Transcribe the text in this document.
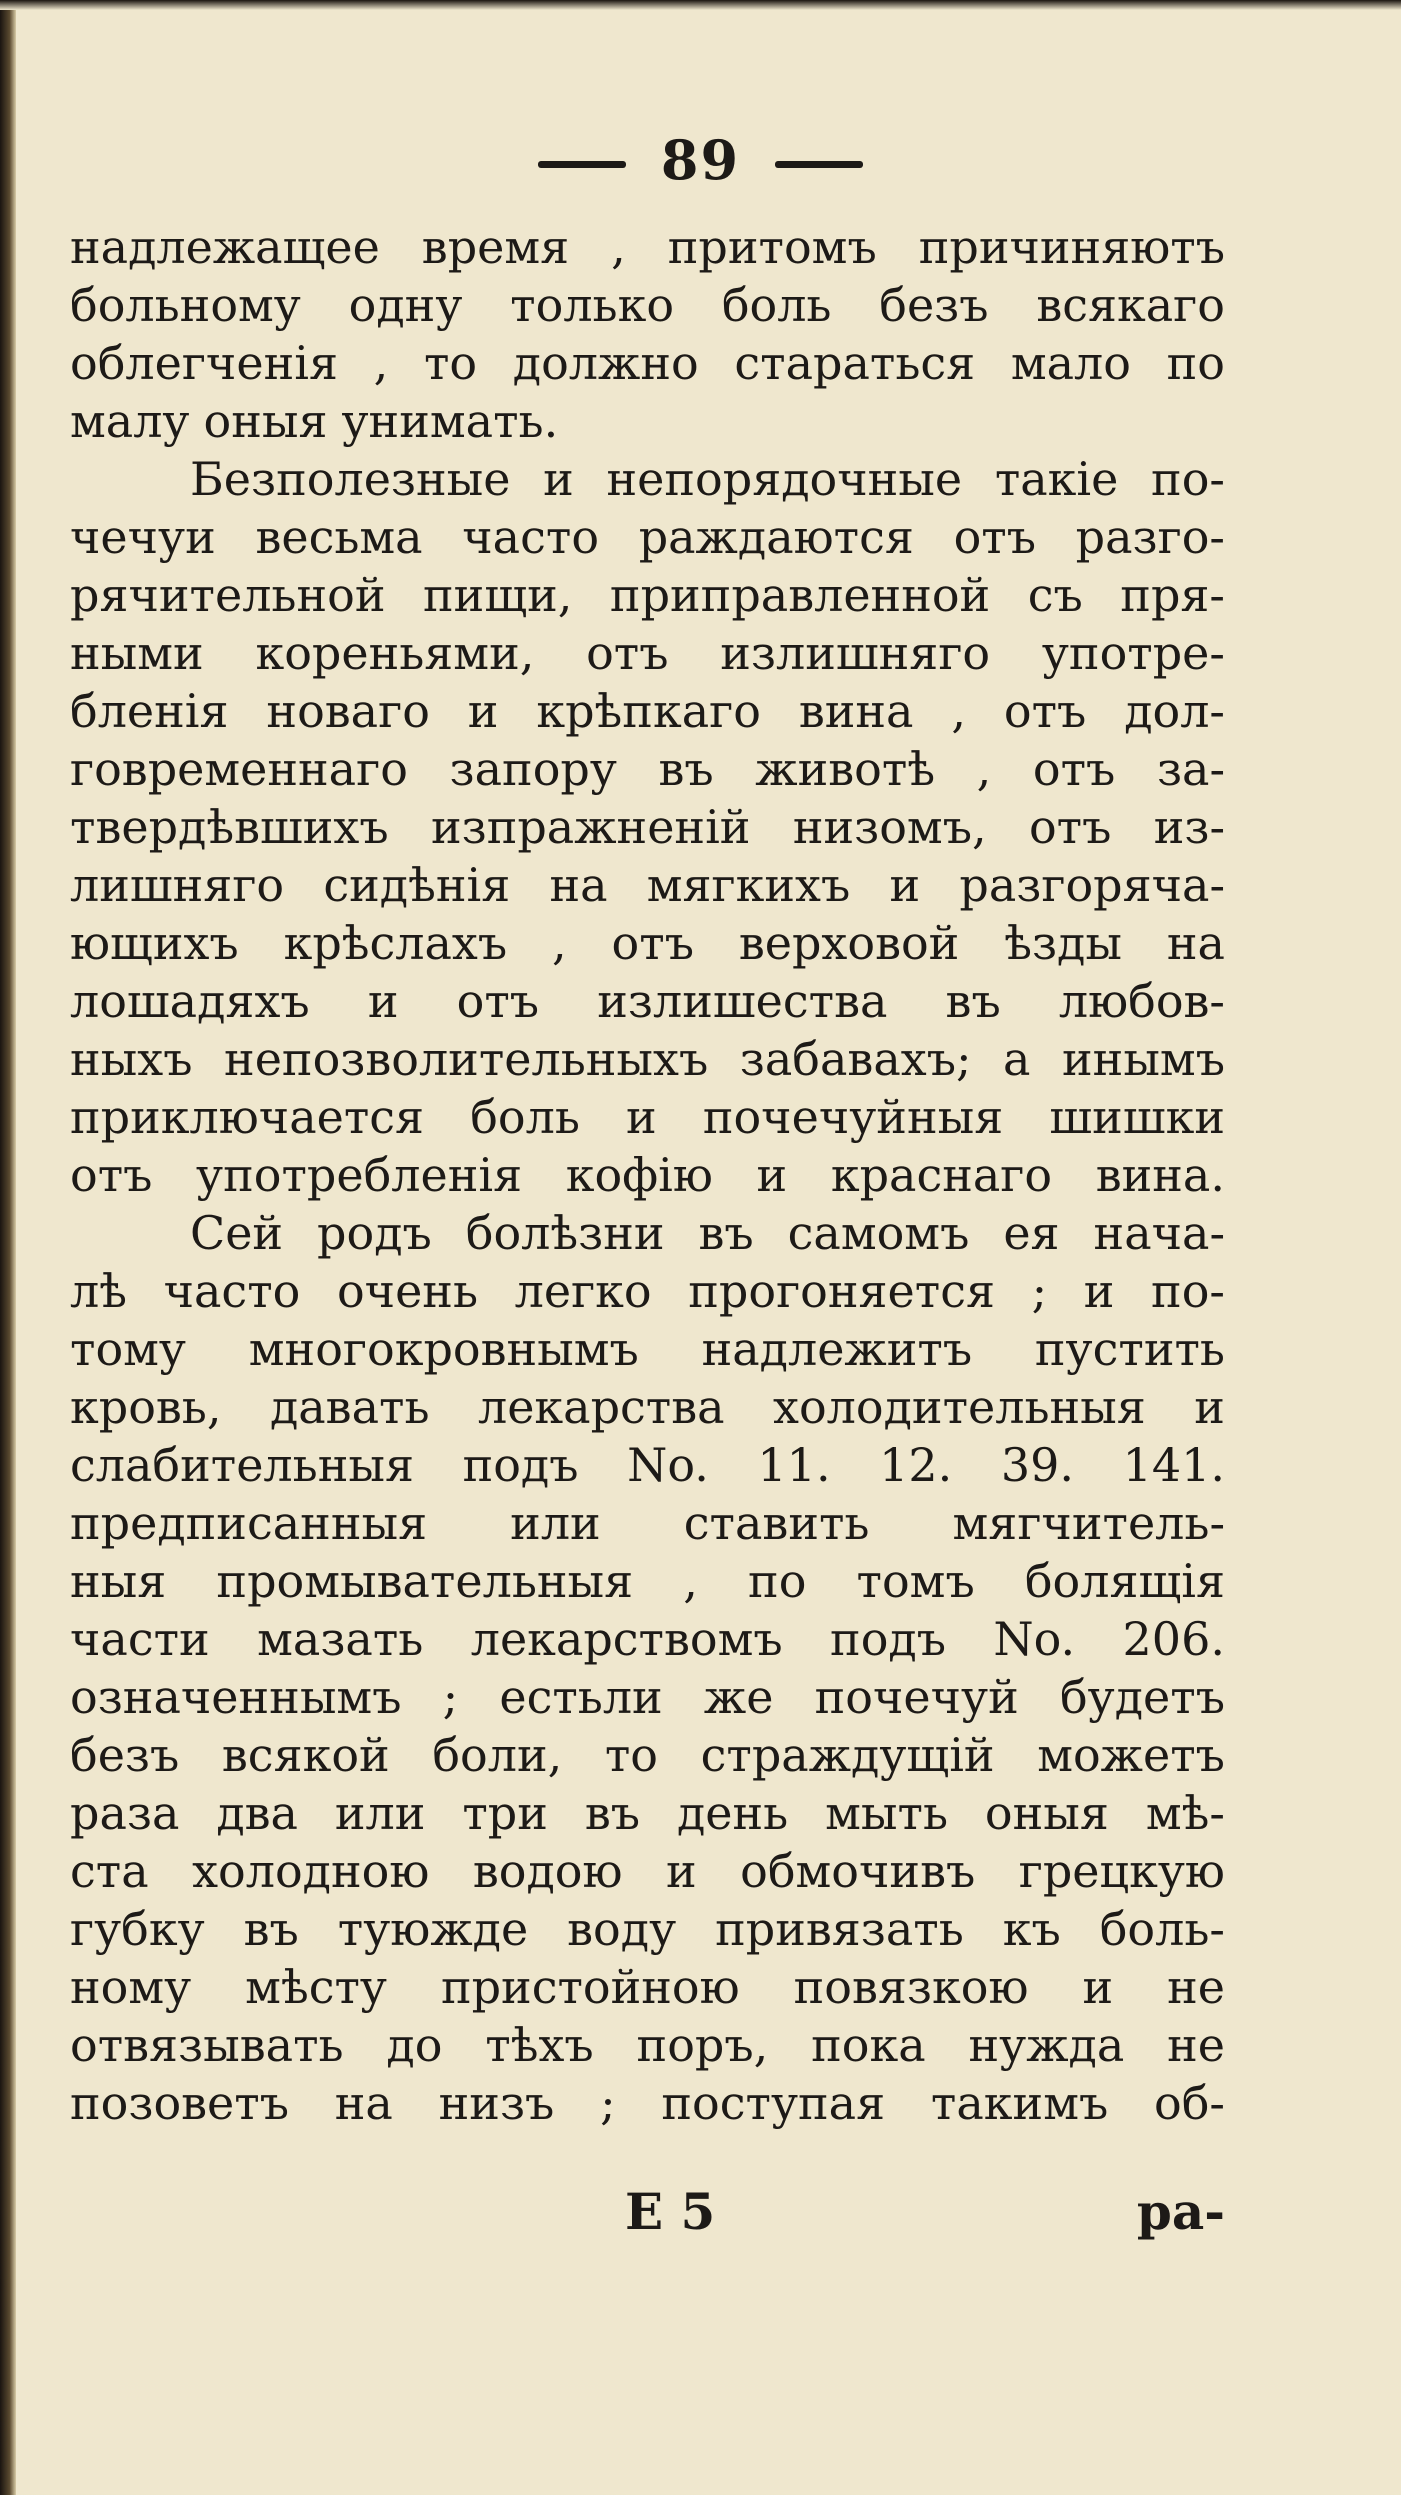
89
надлежащее время , притомъ причиняютъ
больному одну только боль безъ всякаго
облегченія , то должно стараться мало по
малу оныя унимать.
Безполезные и непорядочные такіе по-
чечуи весьма часто раждаются отъ разго-
рячительной пищи, приправленной съ пря-
ными кореньями, отъ излишняго употре-
бленія новаго и крѣпкаго вина , отъ дол-
говременнаго запору въ животѣ , отъ за-
твердѣвшихъ изпражненій низомъ, отъ из-
лишняго сидѣнія на мягкихъ и разгоряча-
ющихъ крѣслахъ , отъ верховой ѣзды на
лошадяхъ и отъ излишества въ любов-
ныхъ непозволительныхъ забавахъ; а инымъ
приключается боль и почечуйныя шишки
отъ употребленія кофію и краснаго вина.
Сей родъ болѣзни въ самомъ ея нача-
лѣ часто очень легко прогоняется ; и по-
тому многокровнымъ надлежитъ пустить
кровь, давать лекарства холодительныя и
слабительныя подъ No. 11. 12. 39. 141.
предписанныя или ставить мягчитель-
ныя промывательныя , по томъ болящія
части мазать лекарствомъ подъ No. 206.
означеннымъ ; естьли же почечуй будетъ
безъ всякой боли, то страждущій можетъ
раза два или три въ день мыть оныя мѣ-
ста холодною водою и обмочивъ грецкую
губку въ туюжде воду привязать къ боль-
ному мѣсту пристойною повязкою и не
отвязывать до тѣхъ поръ, пока нужда не
позоветъ на низъ ; поступая такимъ об-
E 5	ра-
